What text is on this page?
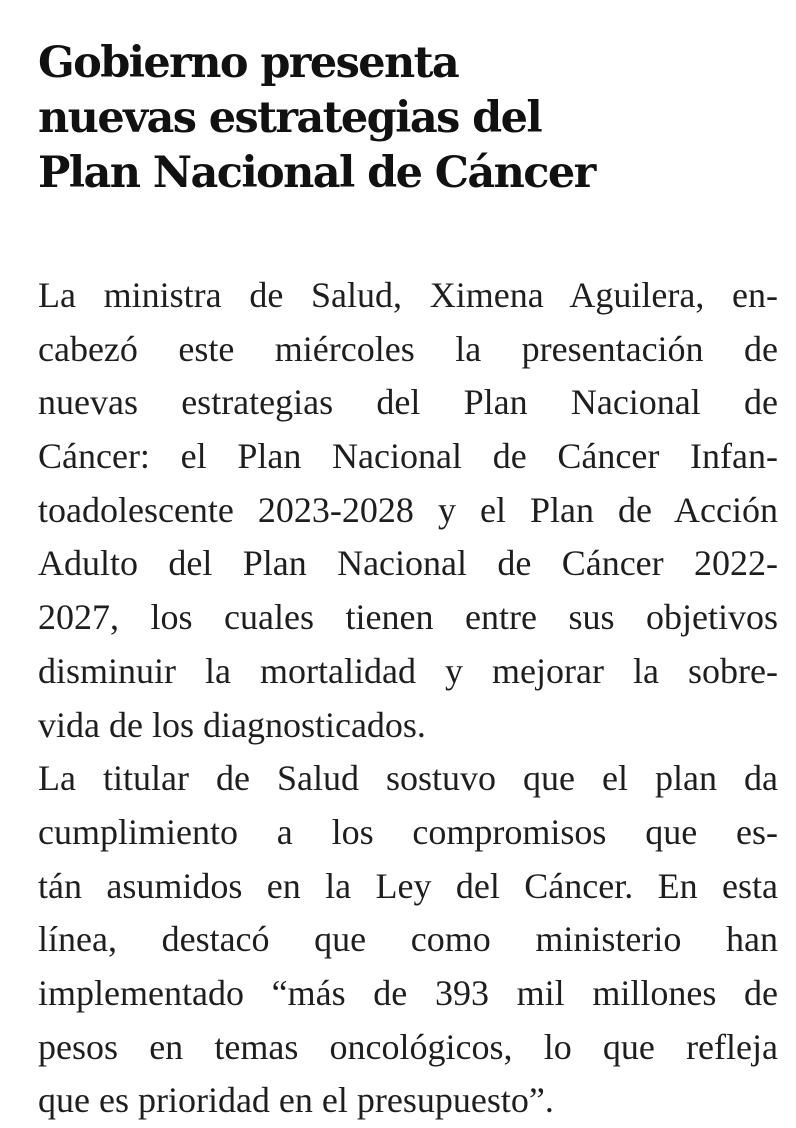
Gobierno presenta
nuevas estrategias del
Plan Nacional de Cáncer

La ministra de Salud, Ximena Aguilera, en-
cabezó este miércoles la presentación de
nuevas estrategias del Plan Nacional de
Cáncer: el Plan Nacional de Cáncer Infan-
toadolescente 2023-2028 y el Plan de Acción
Adulto del Plan Nacional de Cáncer 2022-
2027, los cuales tienen entre sus objetivos
disminuir la mortalidad y mejorar la sobre-
vida de los diagnosticados.

La titular de Salud sostuvo que el plan da
cumplimiento a los compromisos que es-
tán asumidos en la Ley del Cáncer. En esta
línea, destacó que como ministerio han
implementado “más de 393 mil millones de
pesos en temas oncológicos, lo que refleja
que es prioridad en el presupuesto”.
